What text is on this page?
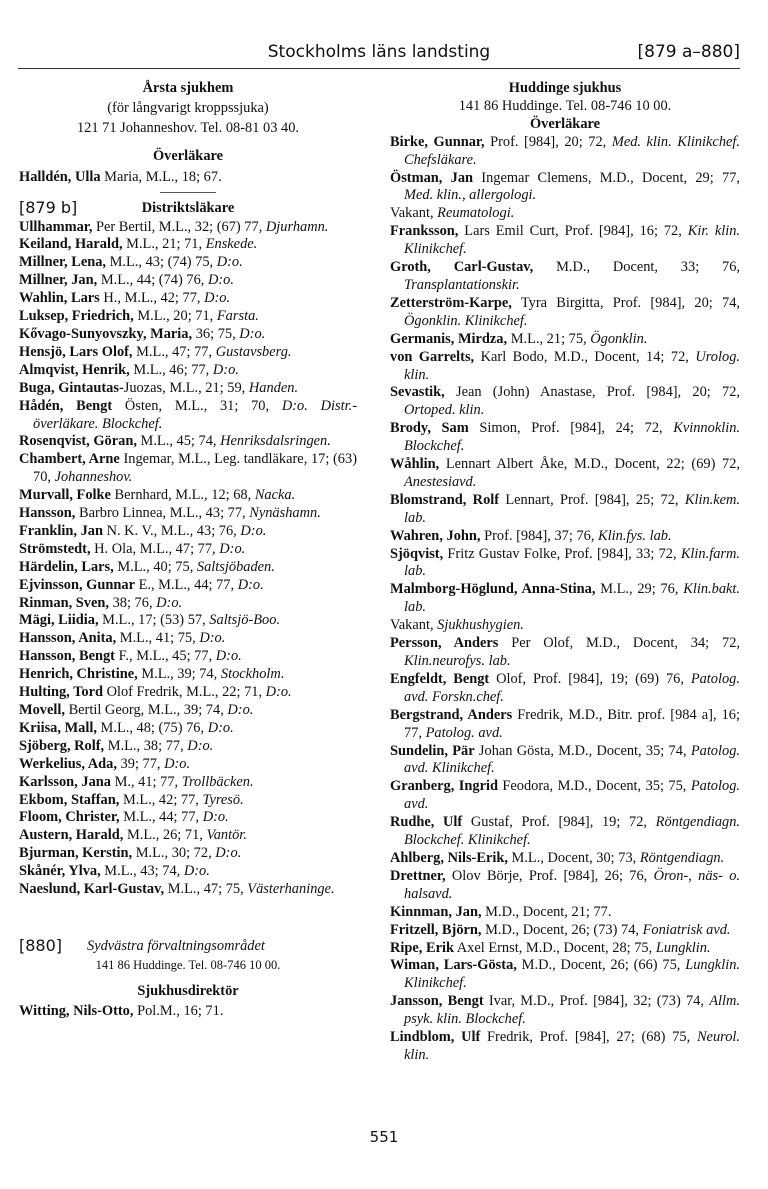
Stockholms läns landsting	[879 a–880]
Årsta sjukhem
(för långvarigt kroppssjuka)
121 71 Johanneshov. Tel. 08-81 03 40.
Överläkare
Halldén, Ulla Maria, M.L., 18; 67.
[879 b]	Distriktsläkare
Ullhammar, Per Bertil, M.L., 32; (67) 77, Djurhamn.
Keiland, Harald, M.L., 21; 71, Enskede.
Millner, Lena, M.L., 43; (74) 75, D:o.
Millner, Jan, M.L., 44; (74) 76, D:o.
Wahlin, Lars H., M.L., 42; 77, D:o.
Luksep, Friedrich, M.L., 20; 71, Farsta.
Kővago-Sunyovszky, Maria, 36; 75, D:o.
Hensjö, Lars Olof, M.L., 47; 77, Gustavsberg.
Almqvist, Henrik, M.L., 46; 77, D:o.
Buga, Gintautas-Juozas, M.L., 21; 59, Handen.
Hådén, Bengt Östen, M.L., 31; 70, D:o. Distr.-överläkare. Blockchef.
Rosenqvist, Göran, M.L., 45; 74, Henriksdalsringen.
Chambert, Arne Ingemar, M.L., Leg. tandläkare, 17; (63) 70, Johanneshov.
Murvall, Folke Bernhard, M.L., 12; 68, Nacka.
Hansson, Barbro Linnea, M.L., 43; 77, Nynäshamn.
Franklin, Jan N. K. V., M.L., 43; 76, D:o.
Strömstedt, H. Ola, M.L., 47; 77, D:o.
Härdelin, Lars, M.L., 40; 75, Saltsjöbaden.
Ejvinsson, Gunnar E., M.L., 44; 77, D:o.
Rinman, Sven, 38; 76, D:o.
Mägi, Liidia, M.L., 17; (53) 57, Saltsjö-Boo.
Hansson, Anita, M.L., 41; 75, D:o.
Hansson, Bengt F., M.L., 45; 77, D:o.
Henrich, Christine, M.L., 39; 74, Stockholm.
Hulting, Tord Olof Fredrik, M.L., 22; 71, D:o.
Movell, Bertil Georg, M.L., 39; 74, D:o.
Kriisa, Mall, M.L., 48; (75) 76, D:o.
Sjöberg, Rolf, M.L., 38; 77, D:o.
Werkelius, Ada, 39; 77, D:o.
Karlsson, Jana M., 41; 77, Trollbäcken.
Ekbom, Staffan, M.L., 42; 77, Tyresö.
Floom, Christer, M.L., 44; 77, D:o.
Austern, Harald, M.L., 26; 71, Vantör.
Bjurman, Kerstin, M.L., 30; 72, D:o.
Skånér, Ylva, M.L., 43; 74, D:o.
Naeslund, Karl-Gustav, M.L., 47; 75, Västerhaninge.
[880] Sydvästra förvaltningsområdet
141 86 Huddinge. Tel. 08-746 10 00.
Sjukhusdirektör
Witting, Nils-Otto, Pol.M., 16; 71.
Huddinge sjukhus
141 86 Huddinge. Tel. 08-746 10 00.
Överläkare
Birke, Gunnar, Prof. [984], 20; 72, Med. klin. Klinikchef. Chefsläkare.
Östman, Jan Ingemar Clemens, M.D., Docent, 29; 77, Med. klin., allergologi.
Vakant, Reumatologi.
Franksson, Lars Emil Curt, Prof. [984], 16; 72, Kir. klin. Klinikchef.
Groth, Carl-Gustav, M.D., Docent, 33; 76, Transplantationskir.
Zetterström-Karpe, Tyra Birgitta, Prof. [984], 20; 74, Ögonklin. Klinikchef.
Germanis, Mirdza, M.L., 21; 75, Ögonklin.
von Garrelts, Karl Bodo, M.D., Docent, 14; 72, Urolog. klin.
Sevastik, Jean (John) Anastase, Prof. [984], 20; 72, Ortoped. klin.
Brody, Sam Simon, Prof. [984], 24; 72, Kvinnoklin. Blockchef.
Wåhlin, Lennart Albert Åke, M.D., Docent, 22; (69) 72, Anestesiavd.
Blomstrand, Rolf Lennart, Prof. [984], 25; 72, Klin.kem. lab.
Wahren, John, Prof. [984], 37; 76, Klin.fys. lab.
Sjöqvist, Fritz Gustav Folke, Prof. [984], 33; 72, Klin.farm. lab.
Malmborg-Höglund, Anna-Stina, M.L., 29; 76, Klin.bakt. lab.
Vakant, Sjukhushygien.
Persson, Anders Per Olof, M.D., Docent, 34; 72, Klin.neurofys. lab.
Engfeldt, Bengt Olof, Prof. [984], 19; (69) 76, Patolog. avd. Forskn.chef.
Bergstrand, Anders Fredrik, M.D., Bitr. prof. [984 a], 16; 77, Patolog. avd.
Sundelin, Pär Johan Gösta, M.D., Docent, 35; 74, Patolog. avd. Klinikchef.
Granberg, Ingrid Feodora, M.D., Docent, 35; 75, Patolog. avd.
Rudhe, Ulf Gustaf, Prof. [984], 19; 72, Röntgendiagn. Blockchef. Klinikchef.
Ahlberg, Nils-Erik, M.L., Docent, 30; 73, Röntgendiagn.
Drettner, Olov Börje, Prof. [984], 26; 76, Öron-, näs- o. halsavd.
Kinnman, Jan, M.D., Docent, 21; 77.
Fritzell, Björn, M.D., Docent, 26; (73) 74, Foniatrisk avd.
Ripe, Erik Axel Ernst, M.D., Docent, 28; 75, Lungklin.
Wiman, Lars-Gösta, M.D., Docent, 26; (66) 75, Lungklin. Klinikchef.
Jansson, Bengt Ivar, M.D., Prof. [984], 32; (73) 74, Allm. psyk. klin. Blockchef.
Lindblom, Ulf Fredrik, Prof. [984], 27; (68) 75, Neurol. klin.
551
